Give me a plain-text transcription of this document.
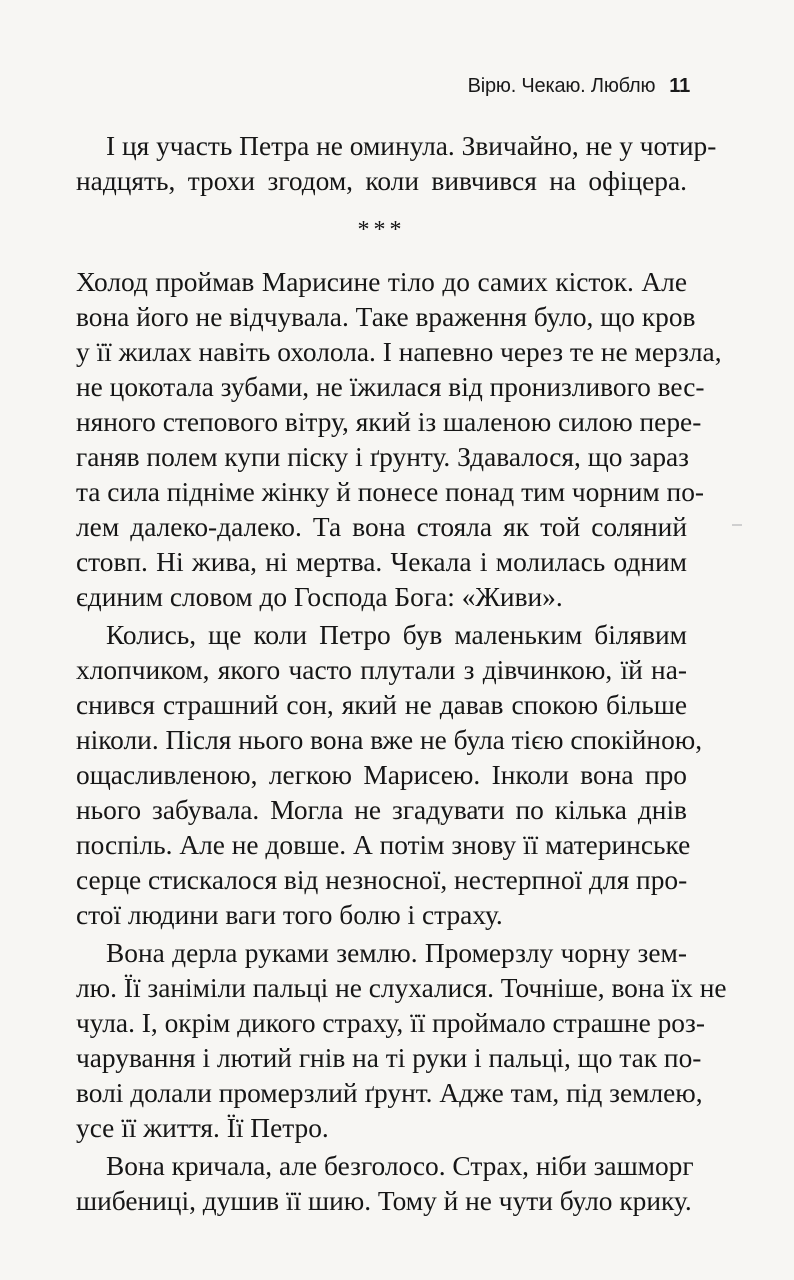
Вірю. Чекаю. Люблю 11
І ця участь Петра не оминула. Звичайно, не у чотир-
надцять, трохи згодом, коли вивчився на офіцера.
***
Холод проймав Марисине тіло до самих кісток. Але
вона його не відчувала. Таке враження було, що кров
у її жилах навіть охолола. І напевно через те не мерзла,
не цокотала зубами, не їжилася від пронизливого вес-
няного степового вітру, який із шаленою силою пере-
ганяв полем купи піску і ґрунту. Здавалося, що зараз
та сила підніме жінку й понесе понад тим чорним по-
лем далеко-далеко. Та вона стояла як той соляний
стовп. Ні жива, ні мертва. Чекала і молилась одним
єдиним словом до Господа Бога: «Живи».
Колись, ще коли Петро був маленьким білявим
хлопчиком, якого часто плутали з дівчинкою, їй на-
снився страшний сон, який не давав спокою більше
ніколи. Після нього вона вже не була тією спокійною,
ощасливленою, легкою Марисею. Інколи вона про
нього забувала. Могла не згадувати по кілька днів
поспіль. Але не довше. А потім знову її материнське
серце стискалося від незносної, нестерпної для про-
стої людини ваги того болю і страху.
Вона дерла руками землю. Промерзлу чорну зем-
лю. Її заніміли пальці не слухалися. Точніше, вона їх не
чула. І, окрім дикого страху, її проймало страшне роз-
чарування і лютий гнів на ті руки і пальці, що так по-
волі долали промерзлий ґрунт. Адже там, під землею,
усе її життя. Її Петро.
Вона кричала, але безголосо. Страх, ніби зашморг
шибениці, душив її шию. Тому й не чути було крику.
